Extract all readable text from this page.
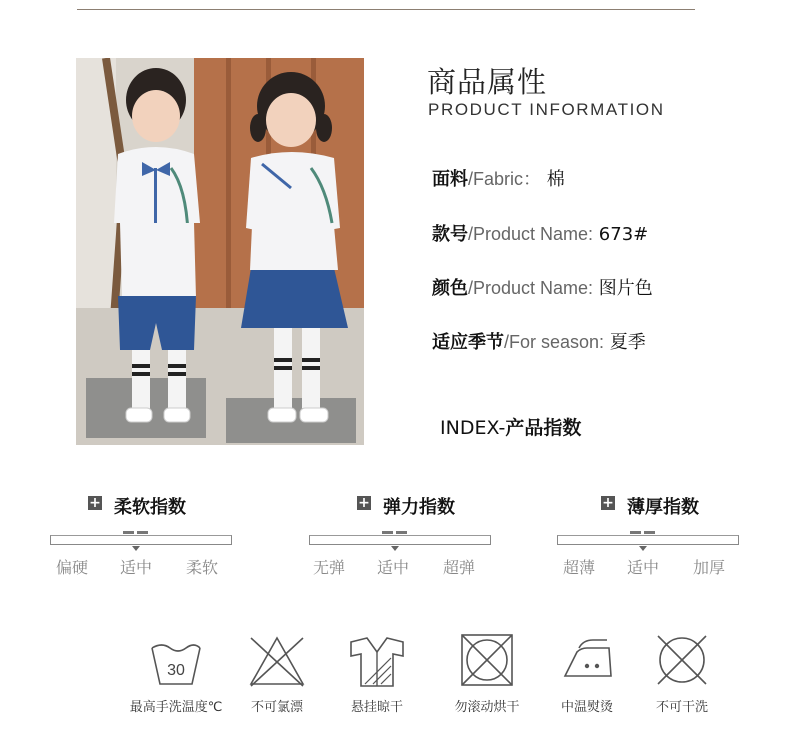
商品属性
PRODUCT INFORMATION
面料/Fabric： 棉
款号/Product Name: 673#
颜色/Product Name: 图片色
适应季节/For season: 夏季
INDEX-产品指数
+ 柔软指数
偏硬 适中 柔软
+ 弹力指数
无弹 适中 超弹
+ 薄厚指数
超薄 适中 加厚
30
最高手洗温度℃	不可氯漂	悬挂晾干	勿滚动烘干	中温熨烫	不可干洗
